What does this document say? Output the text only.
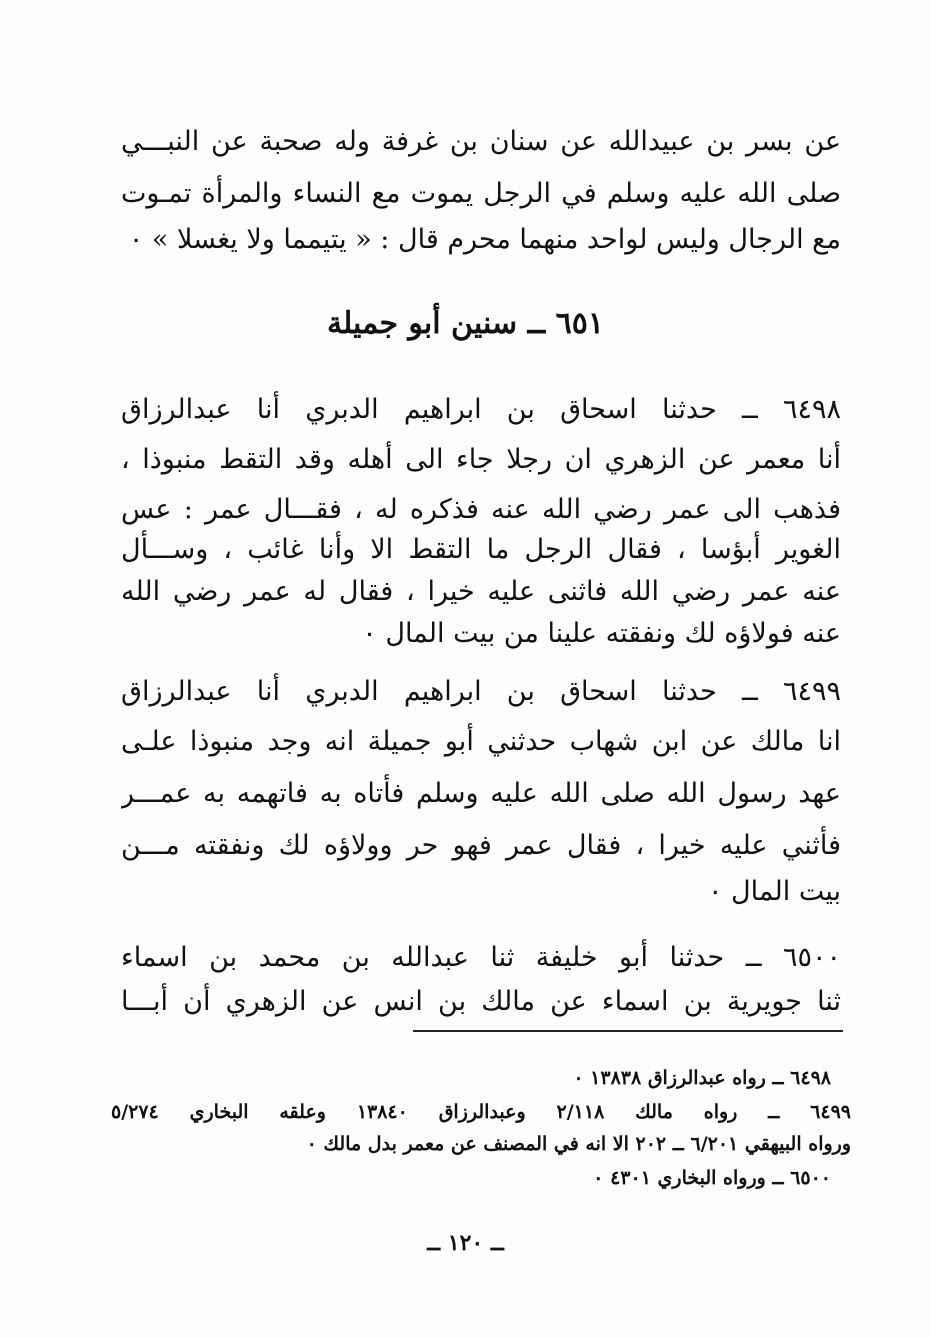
عن بسر بن عبيدالله عن سنان بن غرفة وله صحبة عن النبـــي
صلى الله عليه وسلم في الرجل يموت مع النساء والمرأة تمـوت
مع الرجال وليس لواحد منهما محرم قال : « يتيمما ولا يغسلا » ٠
٦٥١ ــ سنين أبو جميلة
٦٤٩٨ ــ حدثنا اسحاق بن ابراهيم الدبري أنا عبدالرزاق
أنا معمر عن الزهري ان رجلا جاء الى أهله وقد التقط منبوذا ،
فذهب الى عمر رضي الله عنه فذكره له ، فقـــال عمر : عس
الغوير أبؤسا ، فقال الرجل ما التقط الا وأنا غائب ، وســـأل
عنه عمر رضي الله فاثنى عليه خيرا ، فقال له عمر رضي الله
عنه فولاؤه لك ونفقته علينا من بيت المال ٠
٦٤٩٩ ــ حدثنا اسحاق بن ابراهيم الدبري أنا عبدالرزاق
انا مالك عن ابن شهاب حدثني أبو جميلة انه وجد منبوذا علـى
عهد رسول الله صلى الله عليه وسلم فأتاه به فاتهمه به عمـــر
فأثني عليه خيرا ، فقال عمر فهو حر وولاؤه لك ونفقته مـــن
بيت المال ٠
٦٥٠٠ ــ حدثنا أبو خليفة ثنا عبدالله بن محمد بن اسماء
ثنا جويرية بن اسماء عن مالك بن انس عن الزهري أن أبـــا
٦٤٩٨ ــ رواه عبدالرزاق ١٣٨٣٨ ٠
٦٤٩٩ ــ رواه مالك ٢/١١٨ وعبدالرزاق ١٣٨٤٠ وعلقه البخاري ٥/٢٧٤
ورواه البيهقي ٦/٢٠١ ــ ٢٠٢ الا انه في المصنف عن معمر بدل مالك ٠
٦٥٠٠ ــ ورواه البخاري ٤٣٠١ ٠
ــ ١٢٠ ــ
